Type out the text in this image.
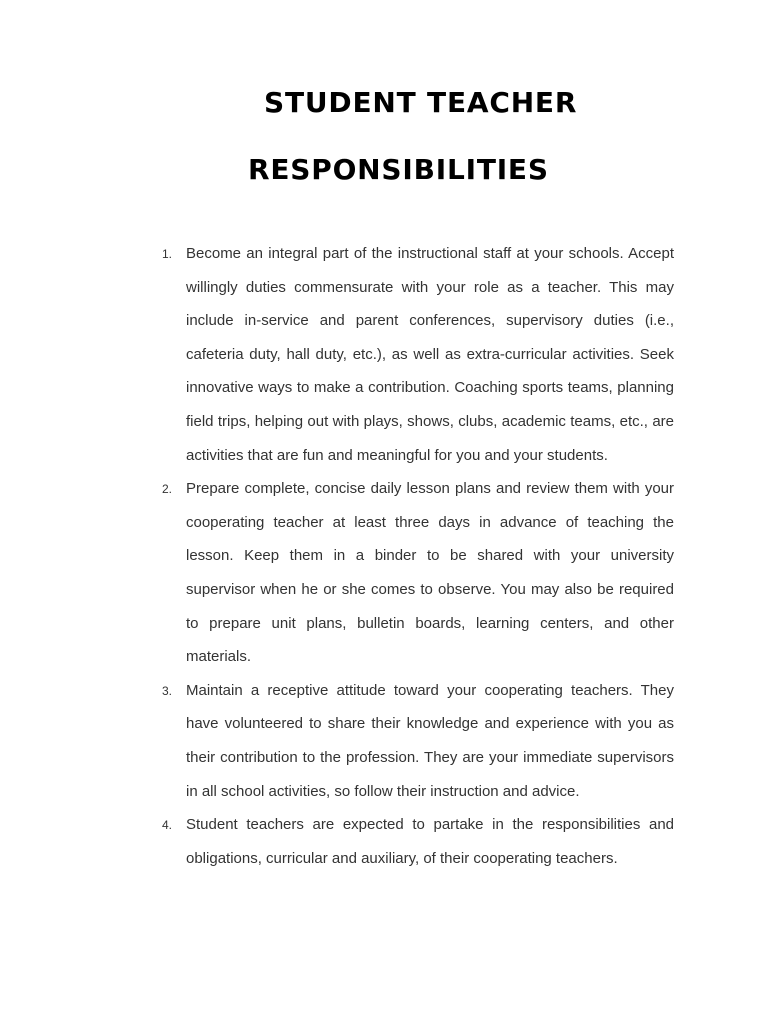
STUDENT TEACHER
RESPONSIBILITIES
1. Become an integral part of the instructional staff at your schools. Accept willingly duties commensurate with your role as a teacher. This may include in-service and parent conferences, supervisory duties (i.e., cafeteria duty, hall duty, etc.), as well as extra-curricular activities. Seek innovative ways to make a contribution. Coaching sports teams, planning field trips, helping out with plays, shows, clubs, academic teams, etc., are activities that are fun and meaningful for you and your students.
2. Prepare complete, concise daily lesson plans and review them with your cooperating teacher at least three days in advance of teaching the lesson. Keep them in a binder to be shared with your university supervisor when he or she comes to observe. You may also be required to prepare unit plans, bulletin boards, learning centers, and other materials.
3. Maintain a receptive attitude toward your cooperating teachers. They have volunteered to share their knowledge and experience with you as their contribution to the profession. They are your immediate supervisors in all school activities, so follow their instruction and advice.
4. Student teachers are expected to partake in the responsibilities and obligations, curricular and auxiliary, of their cooperating teachers.
